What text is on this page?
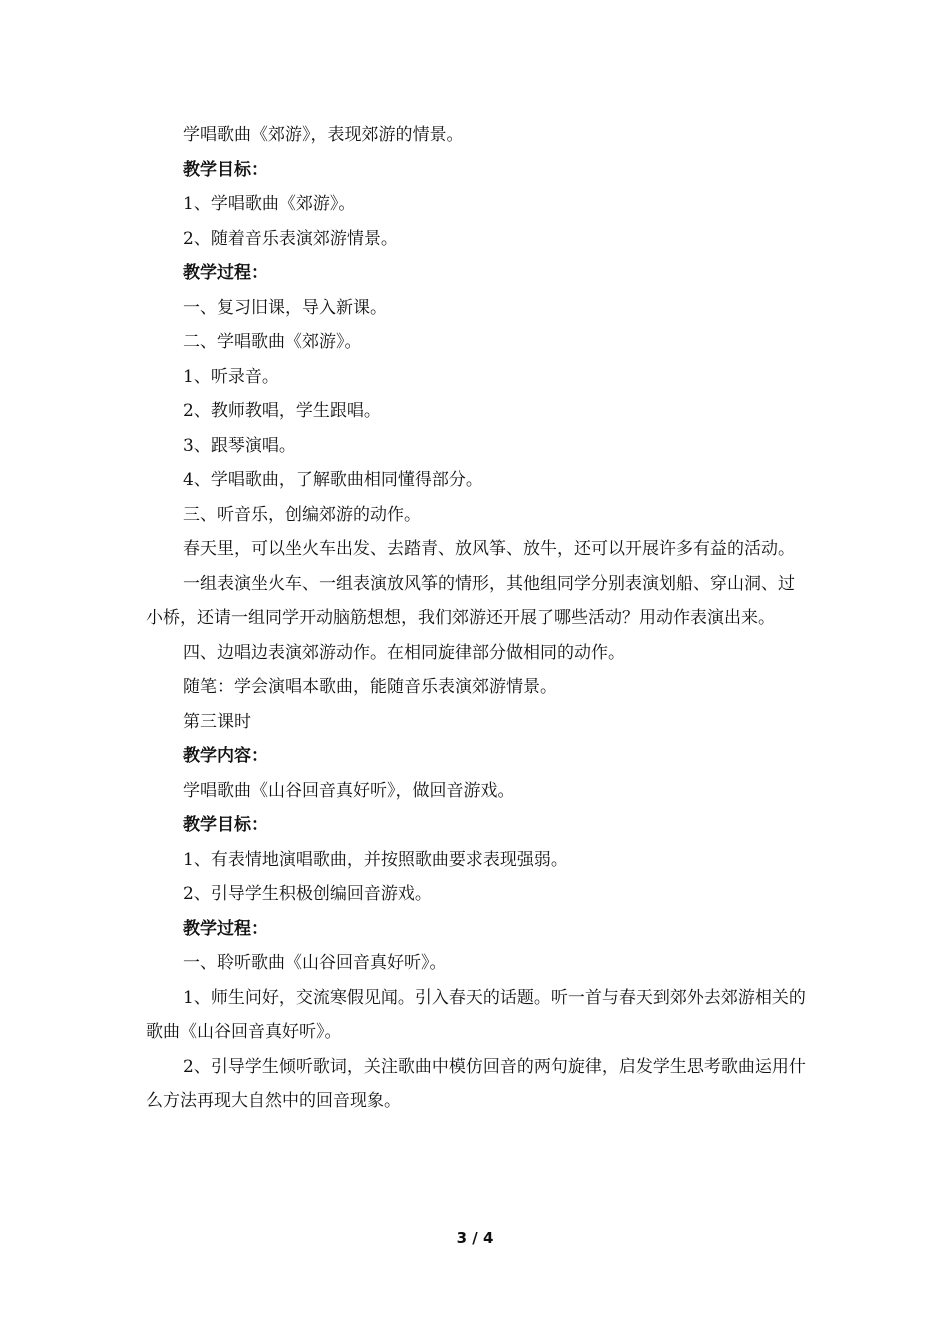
学唱歌曲《郊游》，表现郊游的情景。

教学目标：

1、学唱歌曲《郊游》。

2、随着音乐表演郊游情景。

教学过程：

一、复习旧课，导入新课。

二、学唱歌曲《郊游》。

1、听录音。

2、教师教唱，学生跟唱。

3、跟琴演唱。

4、学唱歌曲，了解歌曲相同懂得部分。

三、听音乐，创编郊游的动作。

春天里，可以坐火车出发、去踏青、放风筝、放牛，还可以开展许多有益的活动。

一组表演坐火车、一组表演放风筝的情形，其他组同学分别表演划船、穿山洞、过小桥，还请一组同学开动脑筋想想，我们郊游还开展了哪些活动？用动作表演出来。

四、边唱边表演郊游动作。在相同旋律部分做相同的动作。

随笔：学会演唱本歌曲，能随音乐表演郊游情景。

第三课时

教学内容：

学唱歌曲《山谷回音真好听》，做回音游戏。

教学目标：

1、有表情地演唱歌曲，并按照歌曲要求表现强弱。

2、引导学生积极创编回音游戏。

教学过程：

一、聆听歌曲《山谷回音真好听》。

1、师生问好，交流寒假见闻。引入春天的话题。听一首与春天到郊外去郊游相关的歌曲《山谷回音真好听》。

2、引导学生倾听歌词，关注歌曲中模仿回音的两句旋律，启发学生思考歌曲运用什么方法再现大自然中的回音现象。

3 / 4
